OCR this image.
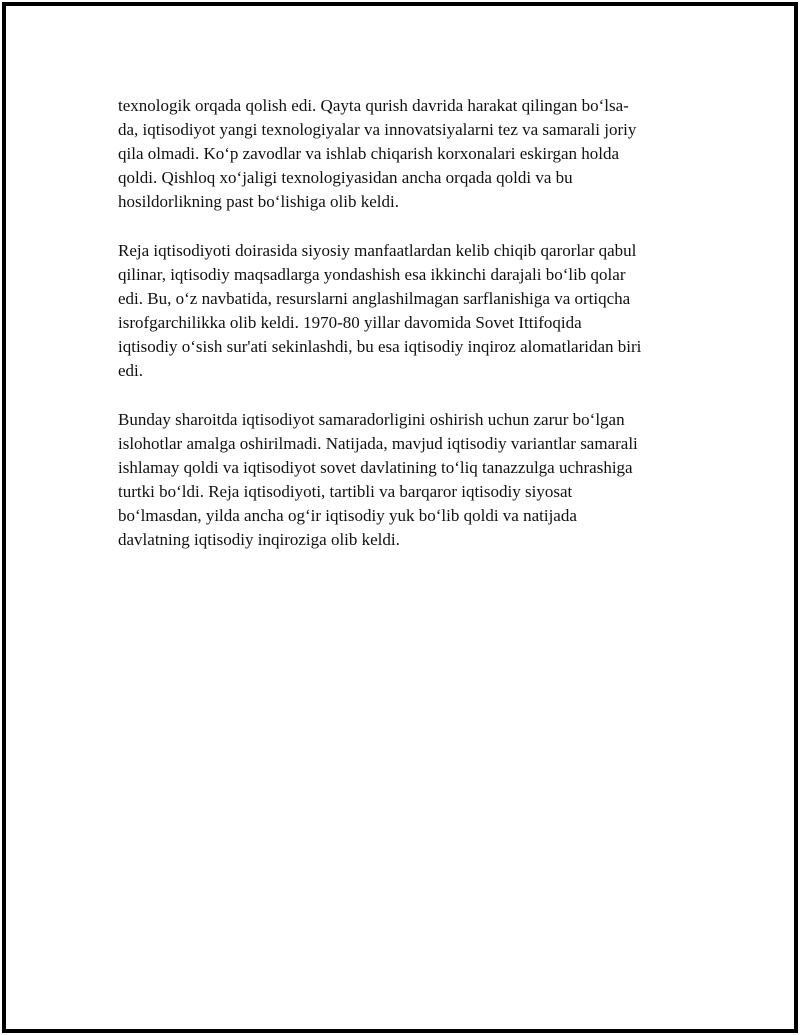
texnologik orqada qolish edi. Qayta qurish davrida harakat qilingan bo‘lsa-
da, iqtisodiyot yangi texnologiyalar va innovatsiyalarni tez va samarali joriy
qila olmadi. Ko‘p zavodlar va ishlab chiqarish korxonalari eskirgan holda
qoldi. Qishloq xo‘jaligi texnologiyasidan ancha orqada qoldi va bu
hosildorlikning past bo‘lishiga olib keldi.
Reja iqtisodiyoti doirasida siyosiy manfaatlardan kelib chiqib qarorlar qabul
qilinar, iqtisodiy maqsadlarga yondashish esa ikkinchi darajali bo‘lib qolar
edi. Bu, o‘z navbatida, resurslarni anglashilmagan sarflanishiga va ortiqcha
isrofgarchilikka olib keldi. 1970-80 yillar davomida Sovet Ittifoqida
iqtisodiy o‘sish sur'ati sekinlashdi, bu esa iqtisodiy inqiroz alomatlaridan biri
edi.
Bunday sharoitda iqtisodiyot samaradorligini oshirish uchun zarur bo‘lgan
islohotlar amalga oshirilmadi. Natijada, mavjud iqtisodiy variantlar samarali
ishlamay qoldi va iqtisodiyot sovet davlatining to‘liq tanazzulga uchrashiga
turtki bo‘ldi. Reja iqtisodiyoti, tartibli va barqaror iqtisodiy siyosat
bo‘lmasdan, yilda ancha og‘ir iqtisodiy yuk bo‘lib qoldi va natijada
davlatning iqtisodiy inqiroziga olib keldi.
